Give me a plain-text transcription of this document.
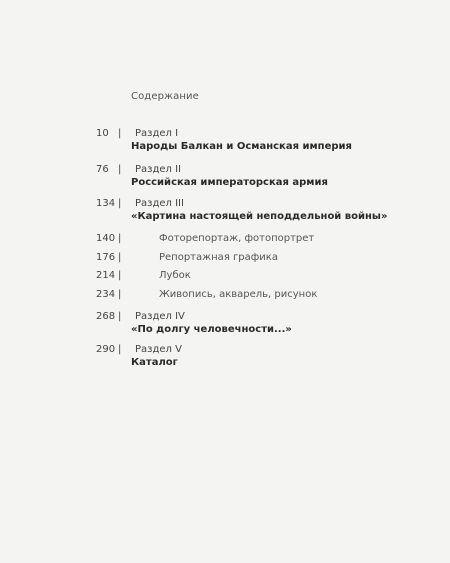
Содержание
10 | Раздел I
Народы Балкан и Османская империя
76 | Раздел II
Российская императорская армия
134 | Раздел III
«Картина настоящей неподдельной войны»
140 |	Фоторепортаж, фотопортрет
176 |	Репортажная графика
214 |	Лубок
234 |	Живопись, акварель, рисунок
268 | Раздел IV
«По долгу человечности...»
290 | Раздел V
Каталог
